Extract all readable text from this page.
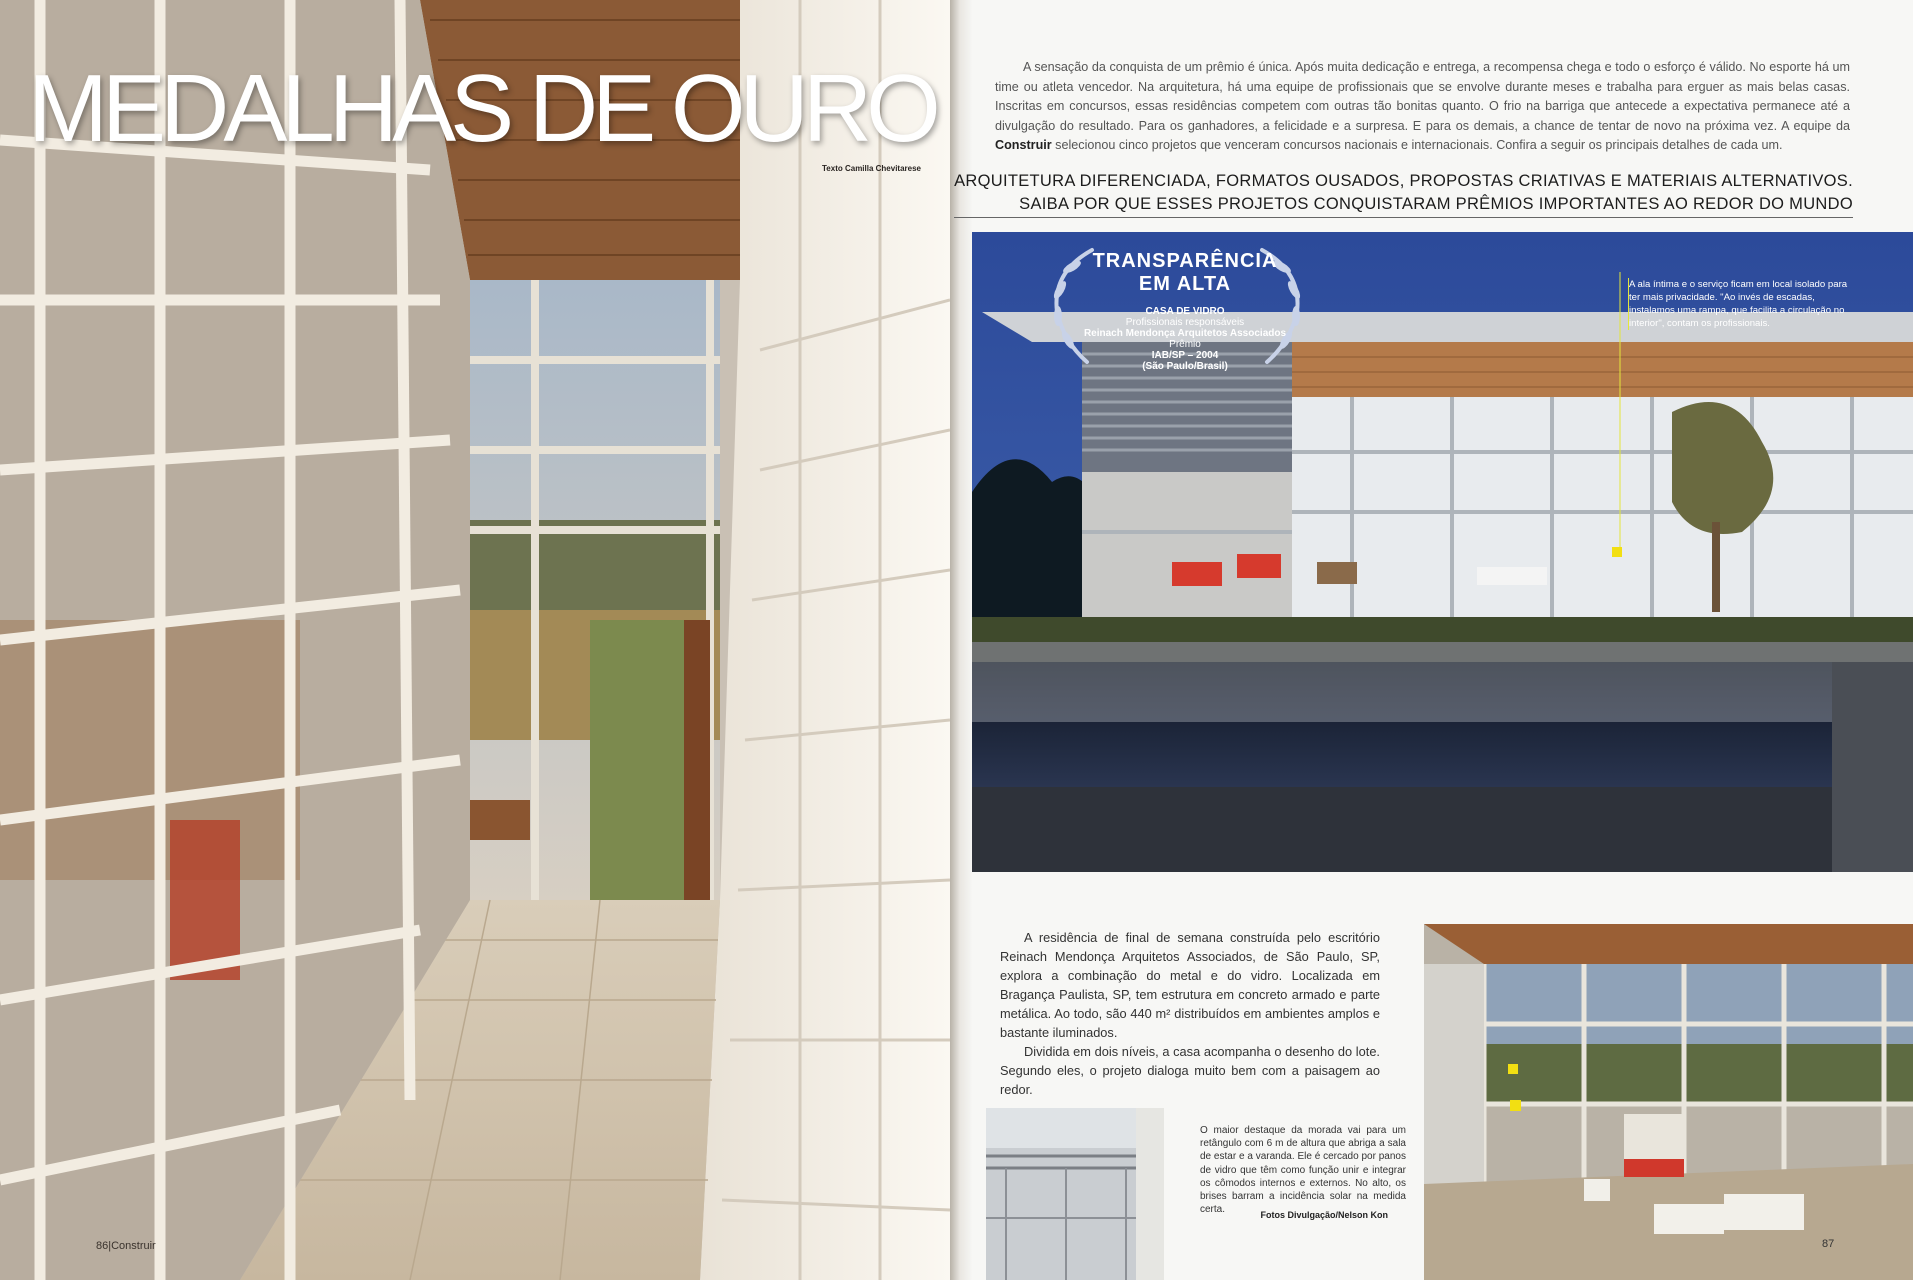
MEDALHAS DE OURO
Texto Camilla Chevitarese
86|Construir

A sensação da conquista de um prêmio é única. Após muita dedicação e entrega, a recompensa chega e todo o esforço é válido. No esporte há um time ou atleta vencedor. Na arquitetura, há uma equipe de profissionais que se envolve durante meses e trabalha para erguer as mais belas casas. Inscritas em concursos, essas residências competem com outras tão bonitas quanto. O frio na barriga que antecede a expectativa permanece até a divulgação do resultado. Para os ganhadores, a felicidade e a surpresa. E para os demais, a chance de tentar de novo na próxima vez. A equipe da Construir selecionou cinco projetos que venceram concursos nacionais e internacionais. Confira a seguir os principais detalhes de cada um.

ARQUITETURA DIFERENCIADA, FORMATOS OUSADOS, PROPOSTAS CRIATIVAS E MATERIAIS ALTERNATIVOS.
SAIBA POR QUE ESSES PROJETOS CONQUISTARAM PRÊMIOS IMPORTANTES AO REDOR DO MUNDO
TRANSPARÊNCIA
EM ALTA
CASA DE VIDRO
Profissionais responsáveis
Reinach Mendonça Arquitetos Associados
Prêmio
IAB/SP – 2004
(São Paulo/Brasil)
A ala íntima e o serviço ficam em local isolado para ter mais privacidade. "Ao invés de escadas, instalamos uma rampa, que facilita a circulação no interior", contam os profissionais.

A residência de final de semana construída pelo escritório Reinach Mendonça Arquitetos Associados, de São Paulo, SP, explora a combinação do metal e do vidro. Localizada em Bragança Paulista, SP, tem estrutura em concreto armado e parte metálica. Ao todo, são 440 m² distribuídos em ambientes amplos e bastante iluminados.

Dividida em dois níveis, a casa acompanha o desenho do lote. Segundo eles, o projeto dialoga muito bem com a paisagem ao redor.

O maior destaque da morada vai para um retângulo com 6 m de altura que abriga a sala de estar e a varanda. Ele é cercado por panos de vidro que têm como função unir e integrar os cômodos internos e externos. No alto, os brises barram a incidência solar na medida certa.	Fotos Divulgação/Nelson Kon
87
